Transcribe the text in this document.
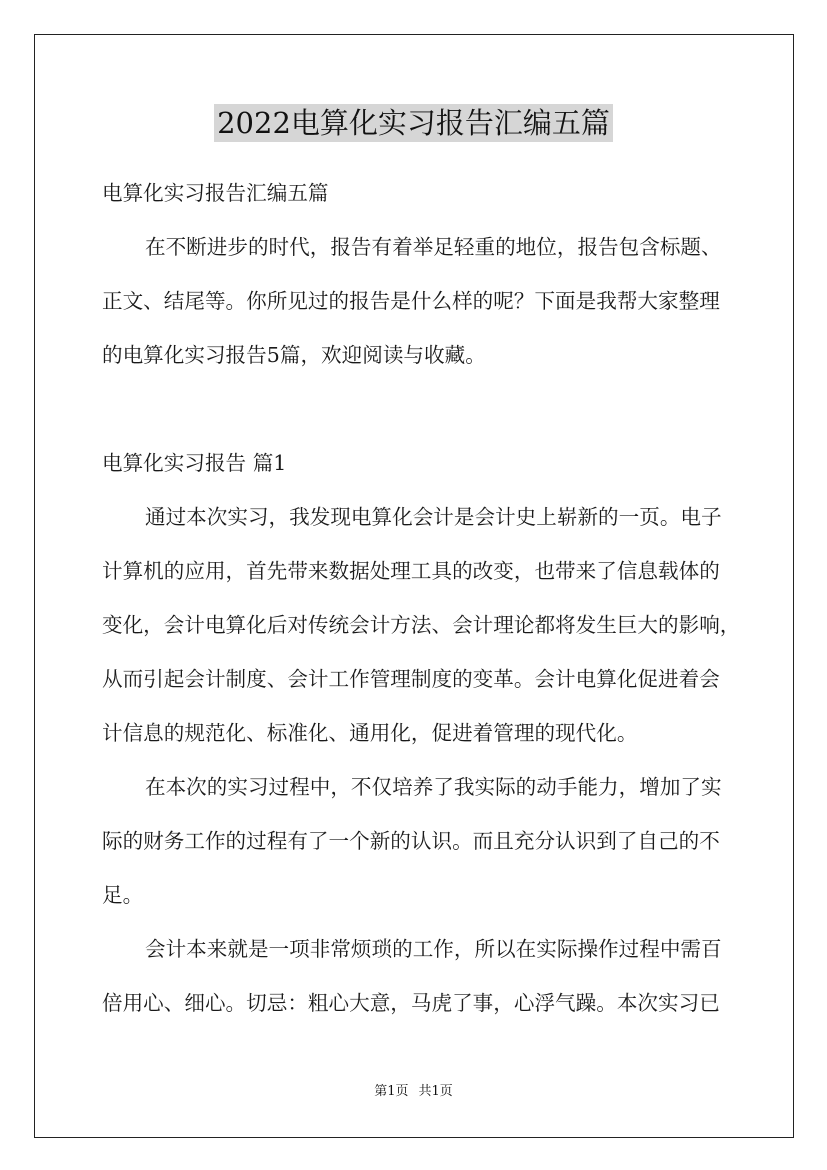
2022电算化实习报告汇编五篇
电算化实习报告汇编五篇
在不断进步的时代，报告有着举足轻重的地位，报告包含标题、
正文、结尾等。你所见过的报告是什么样的呢？下面是我帮大家整理
的电算化实习报告5篇，欢迎阅读与收藏。
电算化实习报告 篇1
通过本次实习，我发现电算化会计是会计史上崭新的一页。电子
计算机的应用，首先带来数据处理工具的改变，也带来了信息载体的
变化，会计电算化后对传统会计方法、会计理论都将发生巨大的影响，
从而引起会计制度、会计工作管理制度的变革。会计电算化促进着会
计信息的规范化、标准化、通用化，促进着管理的现代化。
在本次的实习过程中，不仅培养了我实际的动手能力，增加了实
际的财务工作的过程有了一个新的认识。而且充分认识到了自己的不
足。
会计本来就是一项非常烦琐的工作，所以在实际操作过程中需百
倍用心、细心。切忌：粗心大意，马虎了事，心浮气躁。本次实习已
第1页 共1页
